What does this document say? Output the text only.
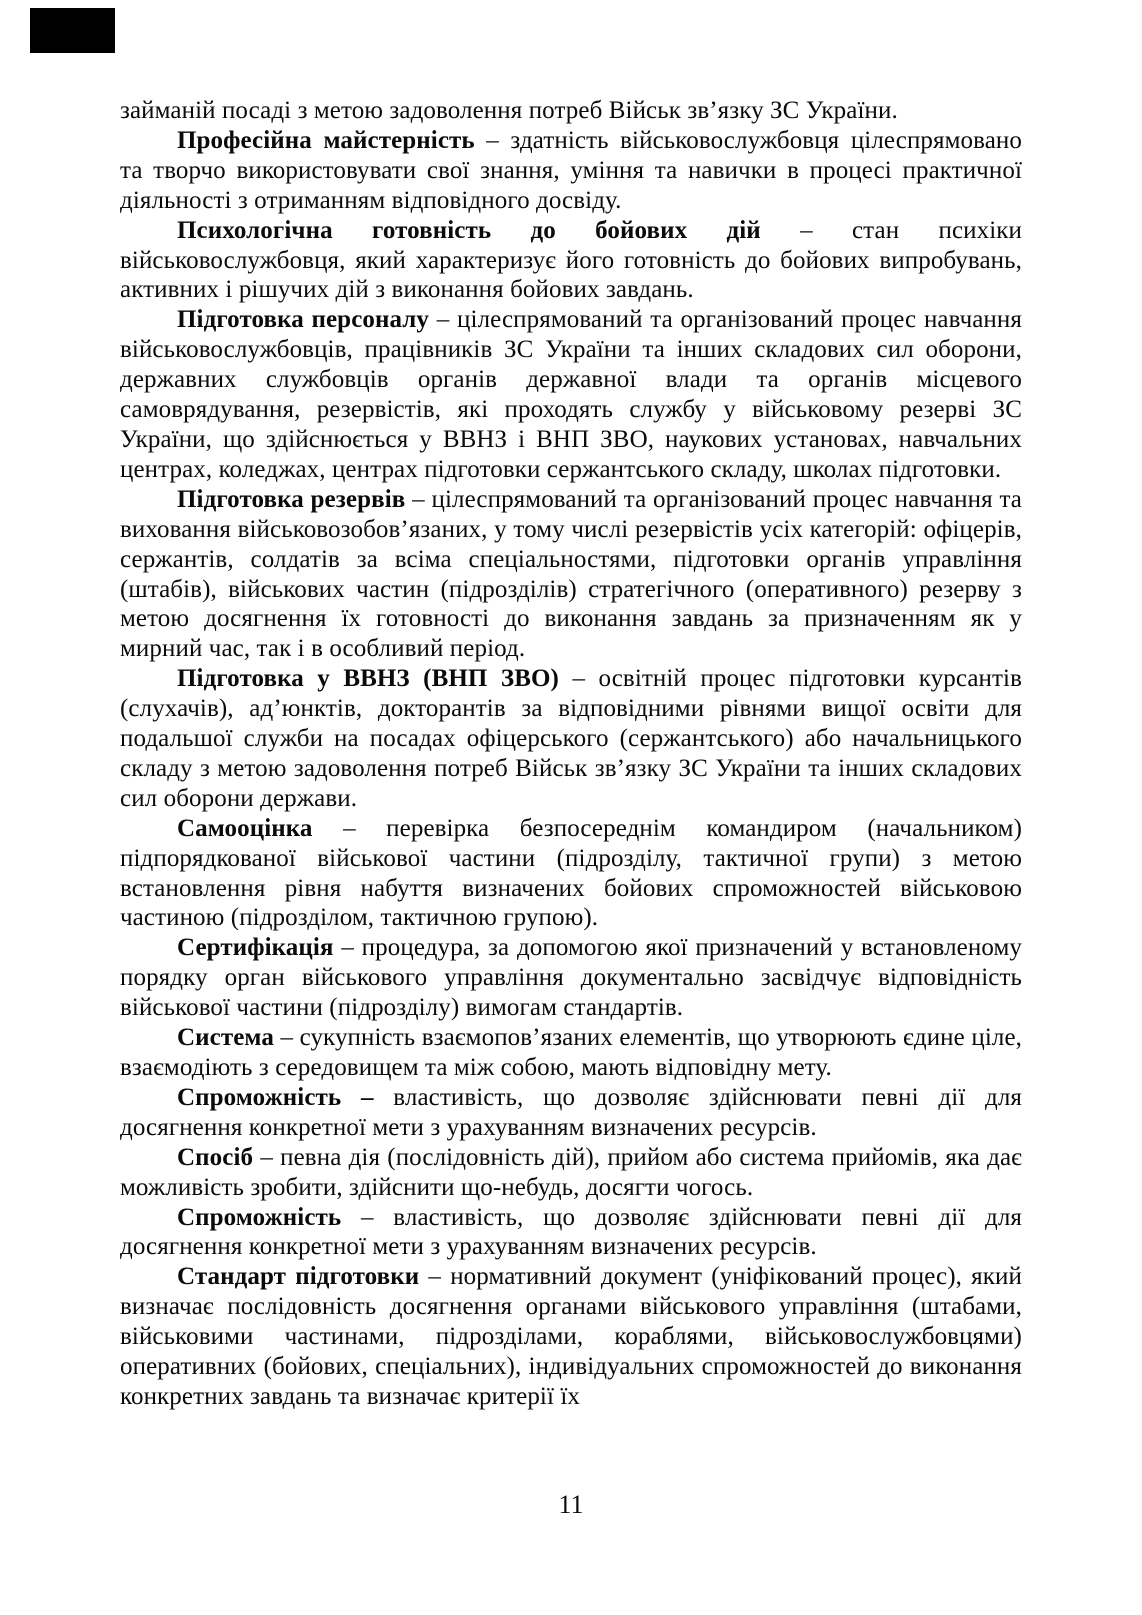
займаній посаді з метою задоволення потреб Військ зв’язку ЗС України.

Професійна майстерність – здатність військовослужбовця цілеспрямовано та творчо використовувати свої знання, уміння та навички в процесі практичної діяльності з отриманням відповідного досвіду.

Психологічна готовність до бойових дій – стан психіки військовослужбовця, який характеризує його готовність до бойових випробувань, активних і рішучих дій з виконання бойових завдань.

Підготовка персоналу – цілеспрямований та організований процес навчання військовослужбовців, працівників ЗС України та інших складових сил оборони, державних службовців органів державної влади та органів місцевого самоврядування, резервістів, які проходять службу у військовому резерві ЗС України, що здійснюється у ВВНЗ і ВНП ЗВО, наукових установах, навчальних центрах, коледжах, центрах підготовки сержантського складу, школах підготовки.

Підготовка резервів – цілеспрямований та організований процес навчання та виховання військовозобов’язаних, у тому числі резервістів усіх категорій: офіцерів, сержантів, солдатів за всіма спеціальностями, підготовки органів управління (штабів), військових частин (підрозділів) стратегічного (оперативного) резерву з метою досягнення їх готовності до виконання завдань за призначенням як у мирний час, так і в особливий період.

Підготовка у ВВНЗ (ВНП ЗВО) – освітній процес підготовки курсантів (слухачів), ад’юнктів, докторантів за відповідними рівнями вищої освіти для подальшої служби на посадах офіцерського (сержантського) або начальницького складу з метою задоволення потреб Військ зв’язку ЗС України та інших складових сил оборони держави.

Самооцінка – перевірка безпосереднім командиром (начальником) підпорядкованої військової частини (підрозділу, тактичної групи) з метою встановлення рівня набуття визначених бойових спроможностей військовою частиною (підрозділом, тактичною групою).

Сертифікація – процедура, за допомогою якої призначений у встановленому порядку орган військового управління документально засвідчує відповідність військової частини (підрозділу) вимогам стандартів.

Система – сукупність взаємопов’язаних елементів, що утворюють єдине ціле, взаємодіють з середовищем та між собою, мають відповідну мету.

Спроможність – властивість, що дозволяє здійснювати певні дії для досягнення конкретної мети з урахуванням визначених ресурсів.

Спосіб – певна дія (послідовність дій), прийом або система прийомів, яка дає можливість зробити, здійснити що-небудь, досягти чогось.

Спроможність – властивість, що дозволяє здійснювати певні дії для досягнення конкретної мети з урахуванням визначених ресурсів.

Стандарт підготовки – нормативний документ (уніфікований процес), який визначає послідовність досягнення органами військового управління (штабами, військовими частинами, підрозділами, кораблями, військовослужбовцями) оперативних (бойових, спеціальних), індивідуальних спроможностей до виконання конкретних завдань та визначає критерії їх

11
